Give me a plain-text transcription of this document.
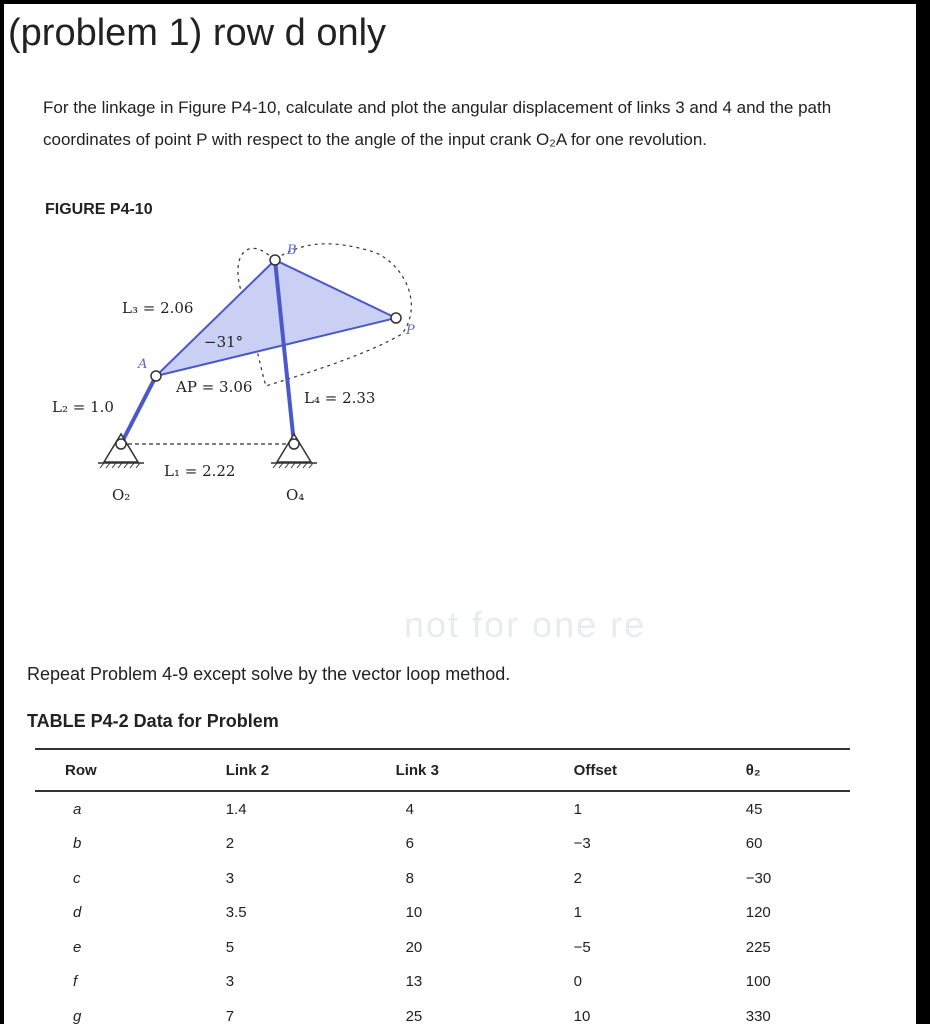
(problem 1) row d only
For the linkage in Figure P4-10, calculate and plot the angular displacement of links 3 and 4 and the path coordinates of point P with respect to the angle of the input crank O₂A for one revolution.
FIGURE P4-10
L₃ = 2.06
−31°
AP = 3.06
L₄ = 2.33
L₂ = 1.0
L₁ = 2.22
O₂	O₄
A
B
P
not for one re
Repeat Problem 4-9 except solve by the vector loop method.
TABLE P4-2 Data for Problem
Row	Link 2	Link 3	Offset	θ₂
a	1.4	4	1	45
b	2	6	−3	60
c	3	8	2	−30
d	3.5	10	1	120
e	5	20	−5	225
f	3	13	0	100
g	7	25	10	330
